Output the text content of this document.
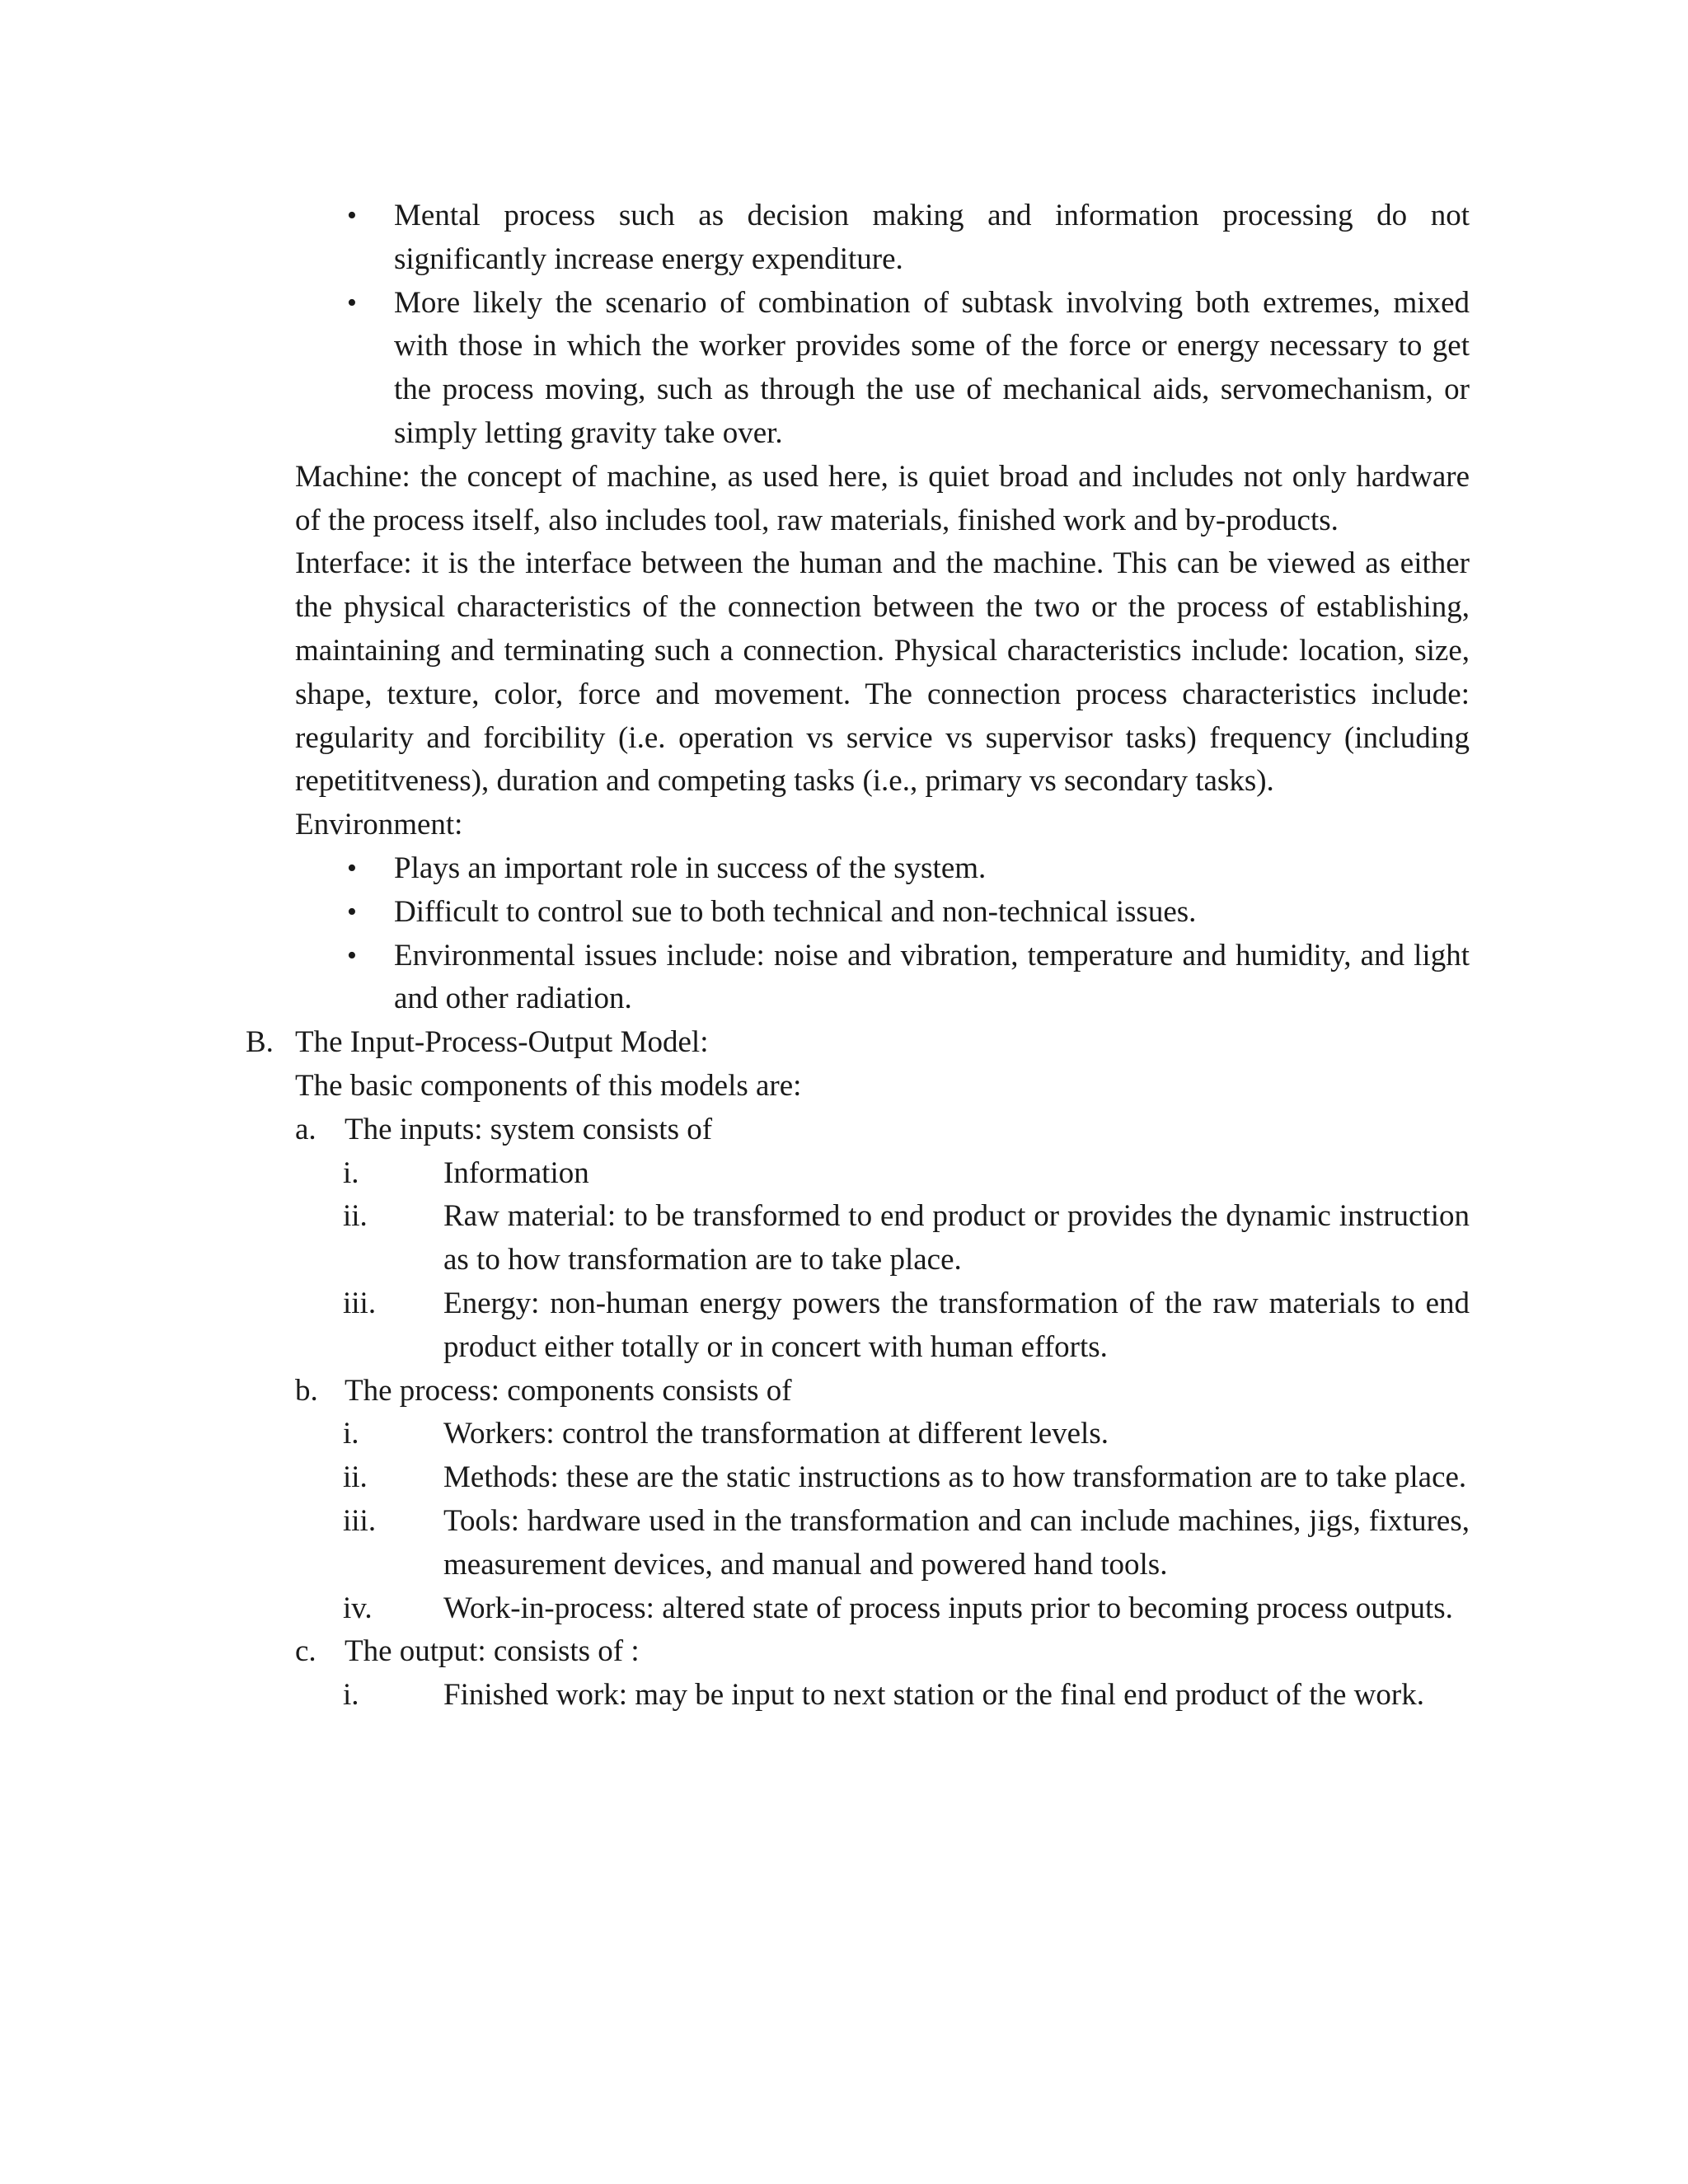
• Mental process such as decision making and information processing do not significantly increase energy expenditure.
• More likely the scenario of combination of subtask involving both extremes, mixed with those in which the worker provides some of the force or energy necessary to get the process moving, such as through the use of mechanical aids, servomechanism, or simply letting gravity take over.
Machine: the concept of machine, as used here, is quiet broad and includes not only hardware of the process itself, also includes tool, raw materials, finished work and by-products.
Interface: it is the interface between the human and the machine. This can be viewed as either the physical characteristics of the connection between the two or the process of establishing, maintaining and terminating such a connection. Physical characteristics include: location, size, shape, texture, color, force and movement. The connection process characteristics include: regularity and forcibility (i.e. operation vs service vs supervisor tasks) frequency (including repetititveness), duration and competing tasks (i.e., primary vs secondary tasks).
Environment:
• Plays an important role in success of the system.
• Difficult to control sue to both technical and non-technical issues.
• Environmental issues include: noise and vibration, temperature and humidity, and light and other radiation.
B. The Input-Process-Output Model:
The basic components of this models are:
a. The inputs: system consists of
i.	Information
ii. Raw material: to be transformed to end product or provides the dynamic instruction as to how transformation are to take place.
iii. Energy: non-human energy powers the transformation of the raw materials to end product either totally or in concert with human efforts.
b. The process: components consists of
i.	Workers: control the transformation at different levels.
ii. Methods: these are the static instructions as to how transformation are to take place.
iii. Tools: hardware used in the transformation and can include machines, jigs, fixtures, measurement devices, and manual and powered hand tools.
iv. Work-in-process: altered state of process inputs prior to becoming process outputs.
c. The output: consists of :
i.	Finished work: may be input to next station or the final end product of the work.
